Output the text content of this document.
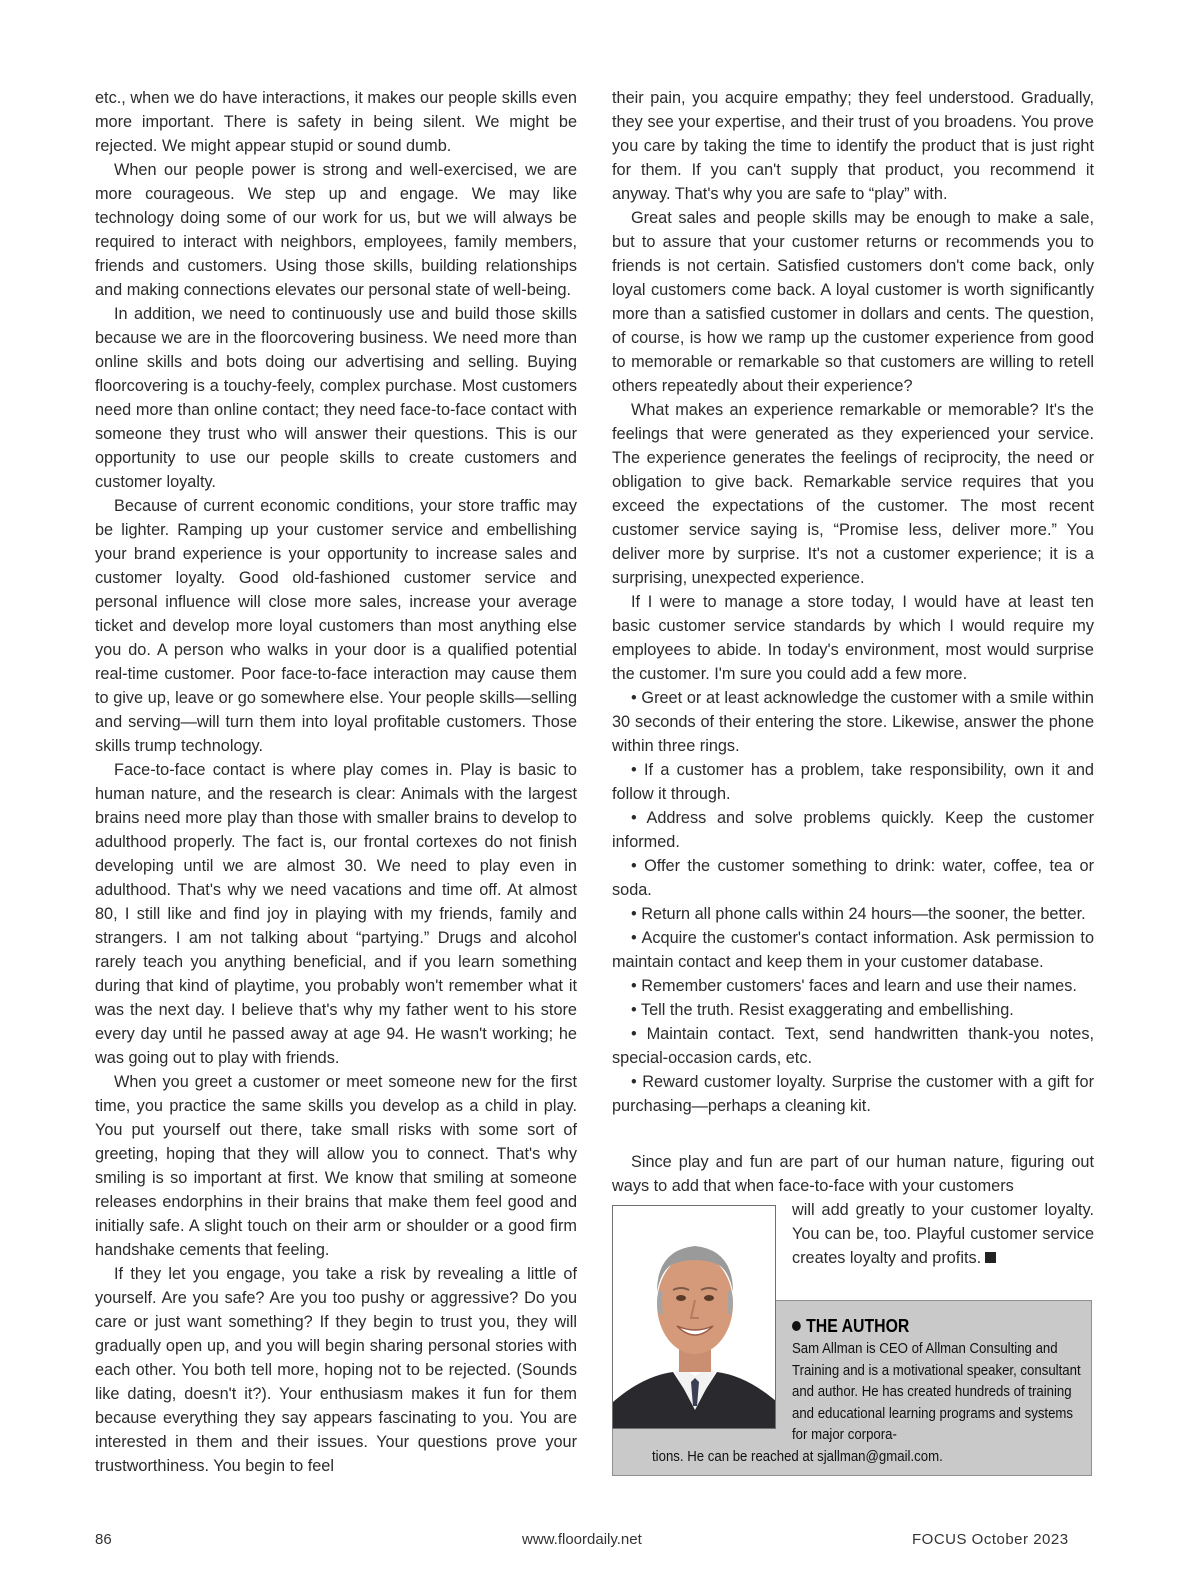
etc., when we do have interactions, it makes our people skills even more important. There is safety in being silent. We might be rejected. We might appear stupid or sound dumb.

When our people power is strong and well-exercised, we are more courageous. We step up and engage. We may like technology doing some of our work for us, but we will always be required to interact with neighbors, employees, family members, friends and customers. Using those skills, building relationships and making connections elevates our personal state of well-being.

In addition, we need to continuously use and build those skills because we are in the floorcovering business. We need more than online skills and bots doing our advertising and selling. Buying floorcovering is a touchy-feely, complex purchase. Most customers need more than online contact; they need face-to-face contact with someone they trust who will answer their questions. This is our opportunity to use our people skills to create customers and customer loyalty.

Because of current economic conditions, your store traffic may be lighter. Ramping up your customer service and embellishing your brand experience is your opportunity to increase sales and customer loyalty. Good old-fashioned customer service and personal influence will close more sales, increase your average ticket and develop more loyal customers than most anything else you do. A person who walks in your door is a qualified potential real-time customer. Poor face-to-face interaction may cause them to give up, leave or go somewhere else. Your people skills—selling and serving—will turn them into loyal profitable customers. Those skills trump technology.

Face-to-face contact is where play comes in. Play is basic to human nature, and the research is clear: Animals with the largest brains need more play than those with smaller brains to develop to adulthood properly. The fact is, our frontal cortexes do not finish developing until we are almost 30. We need to play even in adulthood. That's why we need vacations and time off. At almost 80, I still like and find joy in playing with my friends, family and strangers. I am not talking about “partying.” Drugs and alcohol rarely teach you anything beneficial, and if you learn something during that kind of playtime, you probably won't remember what it was the next day. I believe that's why my father went to his store every day until he passed away at age 94. He wasn't working; he was going out to play with friends.

When you greet a customer or meet someone new for the first time, you practice the same skills you develop as a child in play. You put yourself out there, take small risks with some sort of greeting, hoping that they will allow you to connect. That's why smiling is so important at first. We know that smiling at someone releases endorphins in their brains that make them feel good and initially safe. A slight touch on their arm or shoulder or a good firm handshake cements that feeling.

If they let you engage, you take a risk by revealing a little of yourself. Are you safe? Are you too pushy or aggressive? Do you care or just want something? If they begin to trust you, they will gradually open up, and you will begin sharing personal stories with each other. You both tell more, hoping not to be rejected. (Sounds like dating, doesn't it?). Your enthusiasm makes it fun for them because everything they say appears fascinating to you. You are interested in them and their issues. Your questions prove your trustworthiness. You begin to feel

their pain, you acquire empathy; they feel understood. Gradually, they see your expertise, and their trust of you broadens. You prove you care by taking the time to identify the product that is just right for them. If you can't supply that product, you recommend it anyway. That's why you are safe to “play” with.

Great sales and people skills may be enough to make a sale, but to assure that your customer returns or recommends you to friends is not certain. Satisfied customers don't come back, only loyal customers come back. A loyal customer is worth significantly more than a satisfied customer in dollars and cents. The question, of course, is how we ramp up the customer experience from good to memorable or remarkable so that customers are willing to retell others repeatedly about their experience?

What makes an experience remarkable or memorable? It's the feelings that were generated as they experienced your service. The experience generates the feelings of reciprocity, the need or obligation to give back. Remarkable service requires that you exceed the expectations of the customer. The most recent customer service saying is, “Promise less, deliver more.” You deliver more by surprise. It's not a customer experience; it is a surprising, unexpected experience.

If I were to manage a store today, I would have at least ten basic customer service standards by which I would require my employees to abide. In today's environment, most would surprise the customer. I'm sure you could add a few more.

• Greet or at least acknowledge the customer with a smile within 30 seconds of their entering the store. Likewise, answer the phone within three rings.

• If a customer has a problem, take responsibility, own it and follow it through.

• Address and solve problems quickly. Keep the customer informed.

• Offer the customer something to drink: water, coffee, tea or soda.

• Return all phone calls within 24 hours—the sooner, the better.

• Acquire the customer's contact information. Ask permission to maintain contact and keep them in your customer database.

• Remember customers' faces and learn and use their names.

• Tell the truth. Resist exaggerating and embellishing.

• Maintain contact. Text, send handwritten thank-you notes, special-occasion cards, etc.

• Reward customer loyalty. Surprise the customer with a gift for purchasing—perhaps a cleaning kit.

Since play and fun are part of our human nature, figuring out ways to add that when face-to-face with your customers

will add greatly to your customer loyalty. You can be, too. Playful customer service creates loyalty and profits.

THE AUTHOR
Sam Allman is CEO of Allman Consulting and Training and is a motivational speaker, consultant and author. He has created hundreds of training and educational learning programs and systems for major corpora-
tions. He can be reached at sjallman@gmail.com.
86	www.floordaily.net	FOCUS October 2023
